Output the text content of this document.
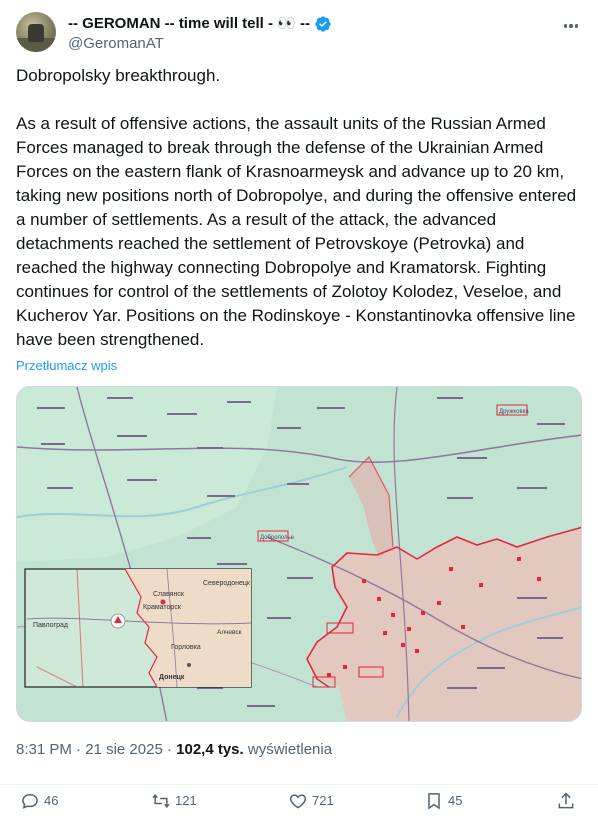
-- GEROMAN -- time will tell - 👀 --
@GeromanAT
Dobropolsky breakthrough.

As a result of offensive actions, the assault units of the Russian Armed Forces managed to break through the defense of the Ukrainian Armed Forces on the eastern flank of Krasnoarmeysk and advance up to 20 km, taking new positions north of Dobropolye, and during the offensive entered a number of settlements. As a result of the attack, the advanced detachments reached the settlement of Petrovskoye (Petrovka) and reached the highway connecting Dobropolye and Kramatorsk. Fighting continues for control of the settlements of Zolotoy Kolodez, Veseloe, and Kucherov Yar. Positions on the Rodinskoye - Konstantinovka offensive line have been strengthened.
Przetłumacz wpis
Дружковка
Доброполье
Павлоград
Славянск
Краматорск
Северодонецк
Алчевск
Горловка
Донецк
8:31 PM · 21 sie 2025 · 102,4 tys. wyświetlenia
46	121	721	45
